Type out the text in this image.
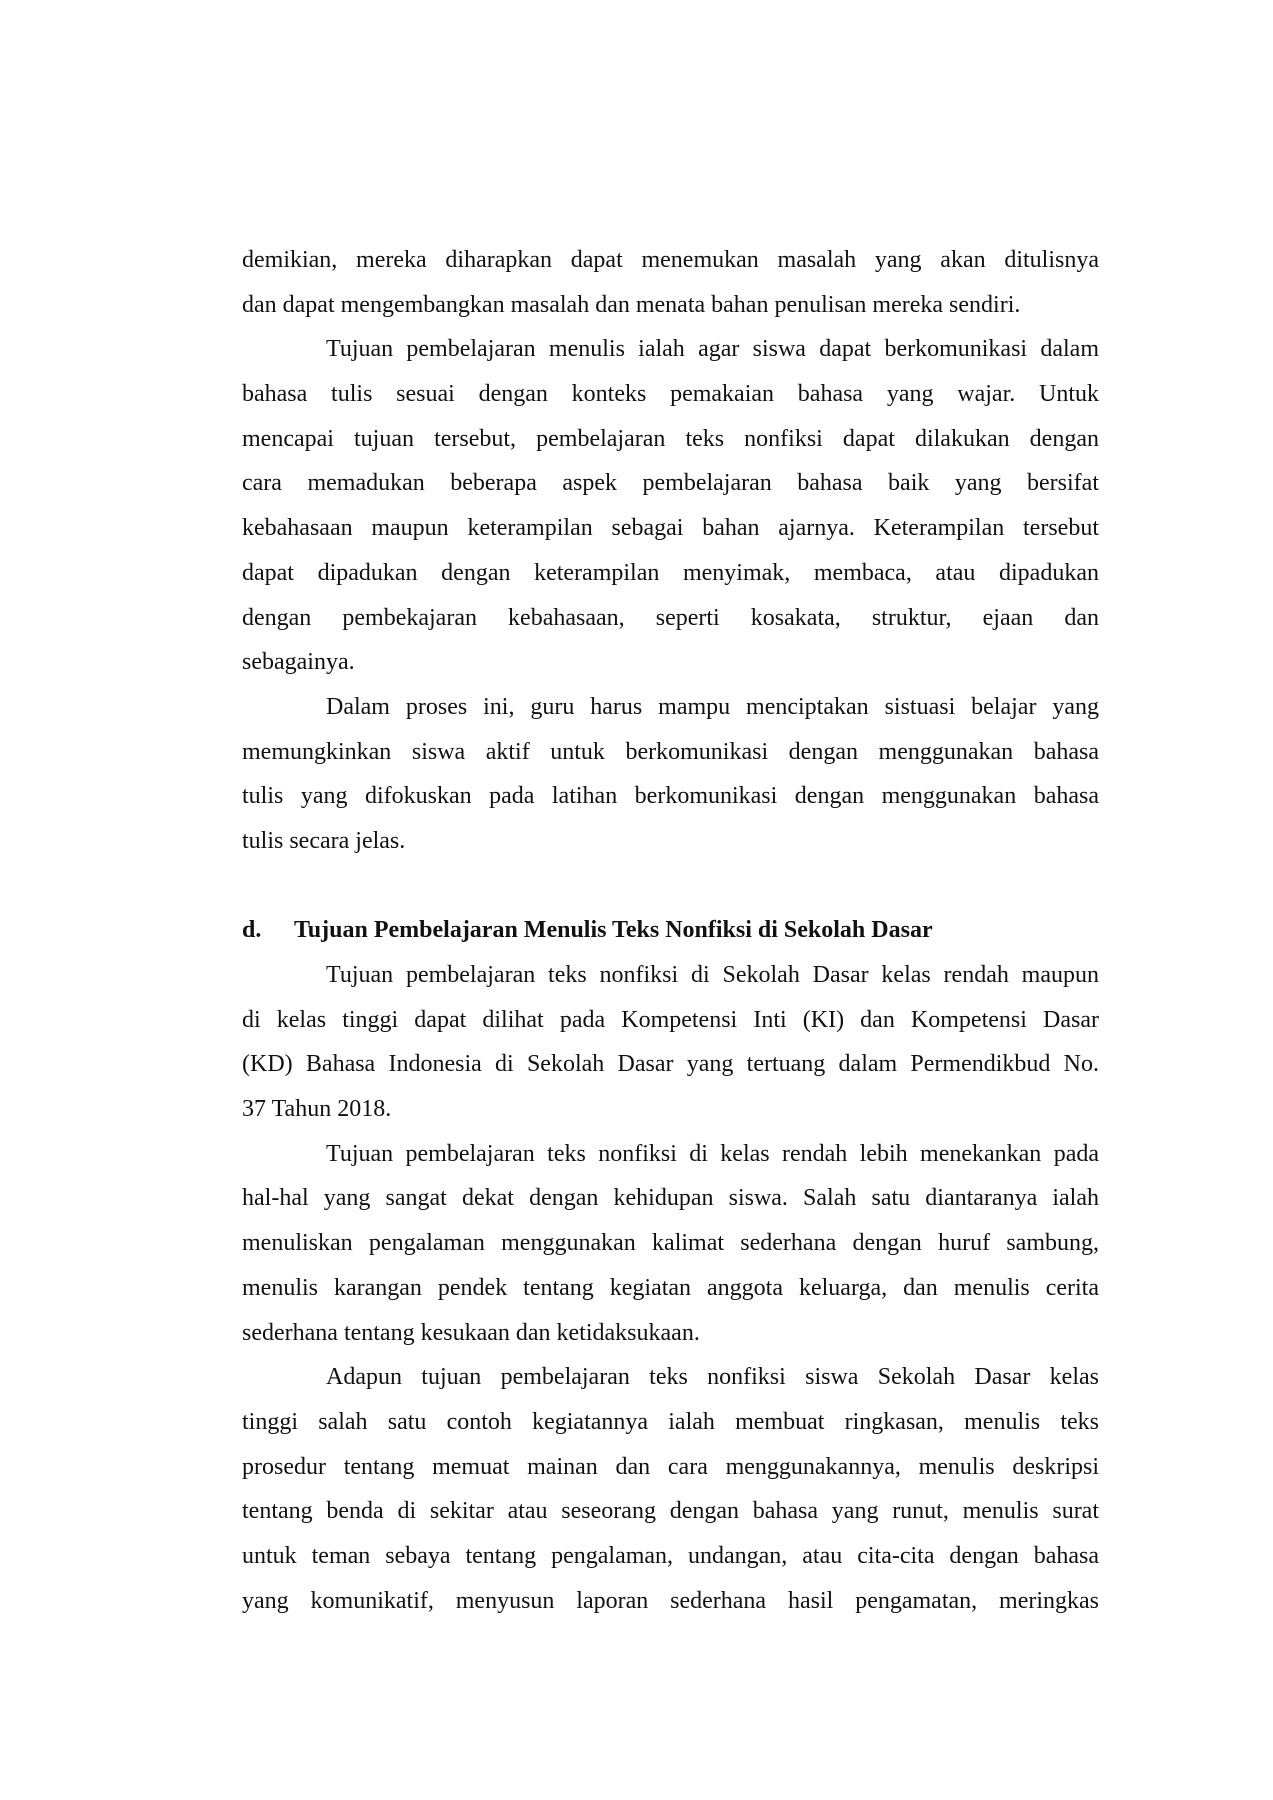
demikian, mereka diharapkan dapat menemukan masalah yang akan ditulisnya
dan dapat mengembangkan masalah dan menata bahan penulisan mereka sendiri.
Tujuan pembelajaran menulis ialah agar siswa dapat berkomunikasi dalam
bahasa tulis sesuai dengan konteks pemakaian bahasa yang wajar. Untuk
mencapai tujuan tersebut, pembelajaran teks nonfiksi dapat dilakukan dengan
cara memadukan beberapa aspek pembelajaran bahasa baik yang bersifat
kebahasaan maupun keterampilan sebagai bahan ajarnya. Keterampilan tersebut
dapat dipadukan dengan keterampilan menyimak, membaca, atau dipadukan
dengan pembekajaran kebahasaan, seperti kosakata, struktur, ejaan dan
sebagainya.
Dalam proses ini, guru harus mampu menciptakan sistuasi belajar yang
memungkinkan siswa aktif untuk berkomunikasi dengan menggunakan bahasa
tulis yang difokuskan pada latihan berkomunikasi dengan menggunakan bahasa
tulis secara jelas.
d.	Tujuan Pembelajaran Menulis Teks Nonfiksi di Sekolah Dasar
Tujuan pembelajaran teks nonfiksi di Sekolah Dasar kelas rendah maupun
di kelas tinggi dapat dilihat pada Kompetensi Inti (KI) dan Kompetensi Dasar
(KD) Bahasa Indonesia di Sekolah Dasar yang tertuang dalam Permendikbud No.
37 Tahun 2018.
Tujuan pembelajaran teks nonfiksi di kelas rendah lebih menekankan pada
hal-hal yang sangat dekat dengan kehidupan siswa. Salah satu diantaranya ialah
menuliskan pengalaman menggunakan kalimat sederhana dengan huruf sambung,
menulis karangan pendek tentang kegiatan anggota keluarga, dan menulis cerita
sederhana tentang kesukaan dan ketidaksukaan.
Adapun tujuan pembelajaran teks nonfiksi siswa Sekolah Dasar kelas
tinggi salah satu contoh kegiatannya ialah membuat ringkasan, menulis teks
prosedur tentang memuat mainan dan cara menggunakannya, menulis deskripsi
tentang benda di sekitar atau seseorang dengan bahasa yang runut, menulis surat
untuk teman sebaya tentang pengalaman, undangan, atau cita-cita dengan bahasa
yang komunikatif, menyusun laporan sederhana hasil pengamatan, meringkas
